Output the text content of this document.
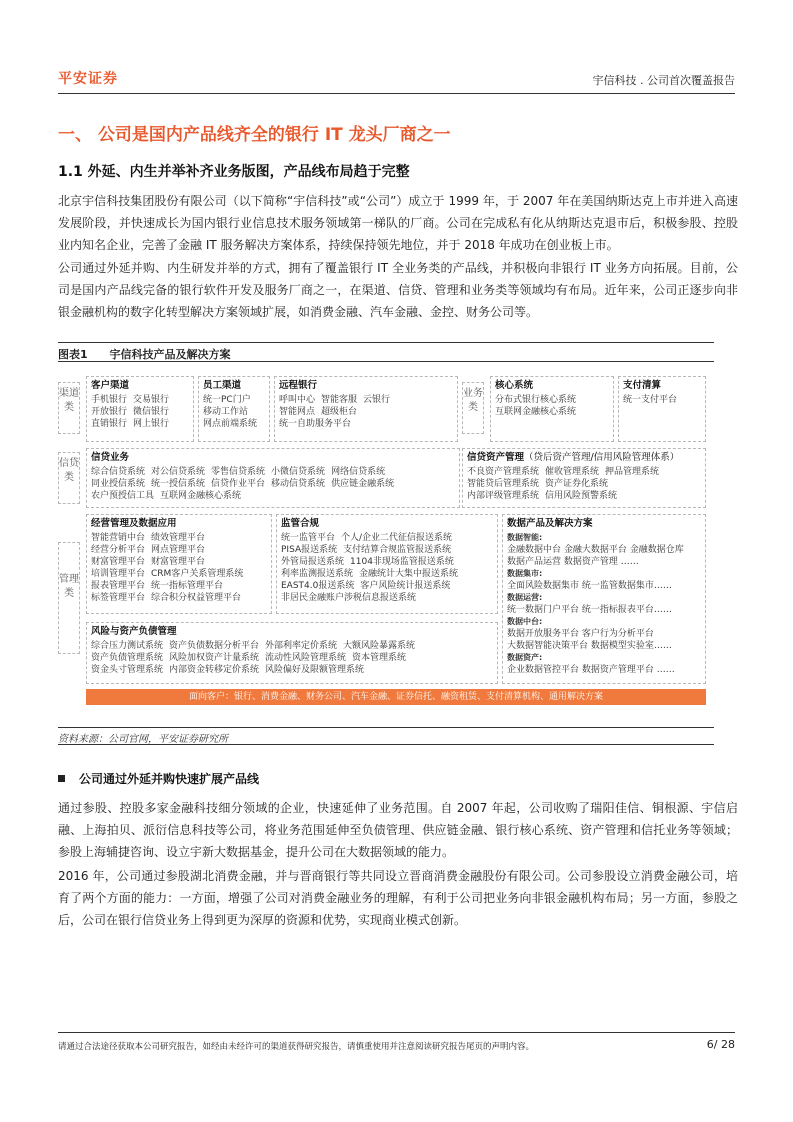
平安证券	宇信科技 . 公司首次覆盖报告
一、 公司是国内产品线齐全的银行 IT 龙头厂商之一
1.1 外延、内生并举补齐业务版图，产品线布局趋于完整
北京宇信科技集团股份有限公司（以下简称“宇信科技”或“公司”）成立于 1999 年，于 2007 年在美国纳斯达克上市并进入高速发展阶段，并快速成长为国内银行业信息技术服务领域第一梯队的厂商。公司在完成私有化从纳斯达克退市后，积极参股、控股业内知名企业，完善了金融 IT 服务解决方案体系，持续保持领先地位，并于 2018 年成功在创业板上市。
公司通过外延并购、内生研发并举的方式，拥有了覆盖银行 IT 全业务类的产品线，并积极向非银行 IT 业务方向拓展。目前，公司是国内产品线完备的银行软件开发及服务厂商之一，在渠道、信贷、管理和业务类等领域均有布局。近年来，公司正逐步向非银金融机构的数字化转型解决方案领域扩展，如消费金融、汽车金融、金控、财务公司等。
图表1 宇信科技产品及解决方案
渠道类
信贷类
管理类
业务类
客户渠道
手机银行 交易银行
开放银行 微信银行
直销银行 网上银行
员工渠道
统一PC门户
移动工作站
网点前端系统
远程银行
呼叫中心 智能客服 云银行
智能网点 超级柜台
统一自助服务平台
核心系统
分布式银行核心系统
互联网金融核心系统
支付清算
统一支付平台
信贷业务
综合信贷系统 对公信贷系统 零售信贷系统 小微信贷系统 网络信贷系统
同业授信系统 统一授信系统 信贷作业平台 移动信贷系统 供应链金融系统
农户预授信工具 互联网金融核心系统
信贷资产管理（贷后资产管理/信用风险管理体系）
不良资产管理系统 催收管理系统 押品管理系统
智能贷后管理系统 资产证券化系统
内部评级管理系统 信用风险预警系统
经营管理及数据应用
智能营销中台 绩效管理平台
经营分析平台 网点管理平台
财富管理平台 财富管理平台
培训管理平台 CRM客户关系管理系统
报表管理平台 统一指标管理平台
标签管理平台 综合积分权益管理平台
监管合规
统一监管平台 个人/企业二代征信报送系统
PISA报送系统 支付结算合规监管报送系统
外管局报送系统 1104非现场监管报送系统
利率监测报送系统 金融统计大集中报送系统
EAST4.0报送系统 客户风险统计报送系统
非居民金融账户涉税信息报送系统
数据产品及解决方案
数据智能:
金融数据中台 金融大数据平台 金融数据仓库
数据产品运营 数据资产管理 ……
数据集市:
全面风险数据集市 统一监管数据集市……
数据运营:
统一数据门户平台 统一指标报表平台……
数据中台:
数据开放服务平台 客户行为分析平台
大数据智能决策平台 数据模型实验室……
数据资产:
企业数据管控平台 数据资产管理平台 ……
风险与资产负债管理
综合压力测试系统 资产负债数据分析平台 外部利率定价系统 大额风险暴露系统
资产负债管理系统 风险加权资产计量系统 流动性风险管理系统 资本管理系统
资金头寸管理系统 内部资金转移定价系统 风险偏好及限额管理系统
面向客户：银行、消费金融、财务公司、汽车金融、证券信托、融资租赁、支付清算机构、通用解决方案
资料来源：公司官网，平安证券研究所
公司通过外延并购快速扩展产品线
通过参股、控股多家金融科技细分领域的企业，快速延伸了业务范围。自 2007 年起，公司收购了瑞阳佳信、铜根源、宇信启融、上海拍贝、派衍信息科技等公司，将业务范围延伸至负债管理、供应链金融、银行核心系统、资产管理和信托业务等领域；参股上海辅捷咨询、设立宇新大数据基金，提升公司在大数据领域的能力。
2016 年，公司通过参股湖北消费金融，并与晋商银行等共同设立晋商消费金融股份有限公司。公司参股设立消费金融公司，培育了两个方面的能力：一方面，增强了公司对消费金融业务的理解，有利于公司把业务向非银金融机构布局；另一方面，参股之后，公司在银行信贷业务上得到更为深厚的资源和优势，实现商业模式创新。
请通过合法途径获取本公司研究报告，如经由未经许可的渠道获得研究报告，请慎重使用并注意阅读研究报告尾页的声明内容。	6/ 28
